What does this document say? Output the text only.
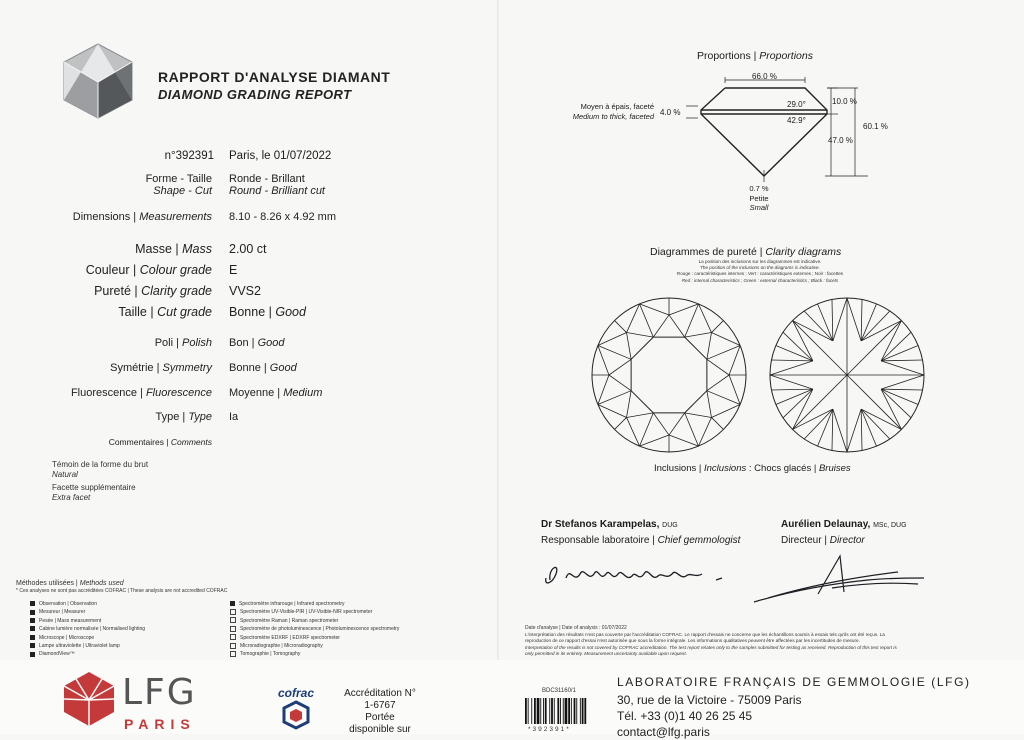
RAPPORT D'ANALYSE DIAMANT
DIAMOND GRADING REPORT
n°392391 Paris, le 01/07/2022
Forme - Taille
Shape - Cut
Ronde - Brillant
Round - Brilliant cut
Dimensions | Measurements 8.10 - 8.26 x 4.92 mm
Masse | Mass 2.00 ct
Couleur | Colour grade E
Pureté | Clarity grade VVS2
Taille | Cut grade Bonne | Good
Poli | Polish Bon | Good
Symétrie | Symmetry Bonne | Good
Fluorescence | Fluorescence Moyenne | Medium
Type | Type Ia
Commentaires | Comments
Témoin de la forme du brut
Natural
Facette supplémentaire
Extra facet
Méthodes utilisées | Methods used
* Ces analyses ne sont pas accréditées COFRAC | These analysis are not accredited COFRAC
Observation | Observation
Mesureur | Measurer
Pesée | Mass measurement
Cabine lumière normalisée | Normalised lighting
Microscope | Microscope
Lampe ultraviolette | Ultraviolet lamp
DiamondView™
Spectromètre infrarouge | Infrared spectrometry
Spectromètre UV-Visible-PIR | UV-Visible-NIR spectrometer
Spectromètre Raman | Raman spectrometer
Spectromètre de photoluminescence | Photoluminescence spectrometry
Spectromètre EDXRF | EDXRF spectrometer
Microradiographie | Microradiography
Tomographie | Tomography
Proportions | Proportions
66.0 %
29.0°
42.9°
10.0 %
47.0 %
60.1 %
4.0 %
Moyen à épais, faceté
Medium to thick, faceted
0.7 %
Petite
Small
Diagrammes de pureté | Clarity diagrams
La position des inclusions sur les diagrammes est indicative.
The position of the inclusions on the diagrams is indicative.
Rouge : caractéristiques internes ; Vert : caractéristiques externes ; Noir : facettes
Red : internal characteristics ; Green : external characteristics ; Black : facets
Inclusions | Inclusions : Chocs glacés | Bruises
Dr Stefanos Karampelas, DUG
Responsable laboratoire | Chief gemmologist
Aurélien Delaunay, MSc, DUG
Directeur | Director
Date d'analyse | Date of analysis : 01/07/2022
L'interprétation des résultats n'est pas couverte par l'accréditation COFRAC. Le rapport d'essais ne concerne que les échantillons soumis à essais tels qu'ils ont été reçus. La
reproduction de ce rapport d'essai n'est autorisée que sous la forme intégrale. Les informations qualitatives peuvent être affectées par les incertitudes de mesure.
Interpretation of the results is not covered by COFRAC accreditation. The test report relates only to the samples submitted for testing as received. Reproduction of this test report is
only permitted in its entirety. Measurement uncertainty available upon request.
LFG
PARIS
cofrac	Accréditation N°
1-6767
Portée
disponible sur
BDC31160/1
*392391*
LABORATOIRE FRANÇAIS DE GEMMOLOGIE (LFG)
30, rue de la Victoire - 75009 Paris
Tél. +33 (0)1 40 26 25 45
contact@lfg.paris
